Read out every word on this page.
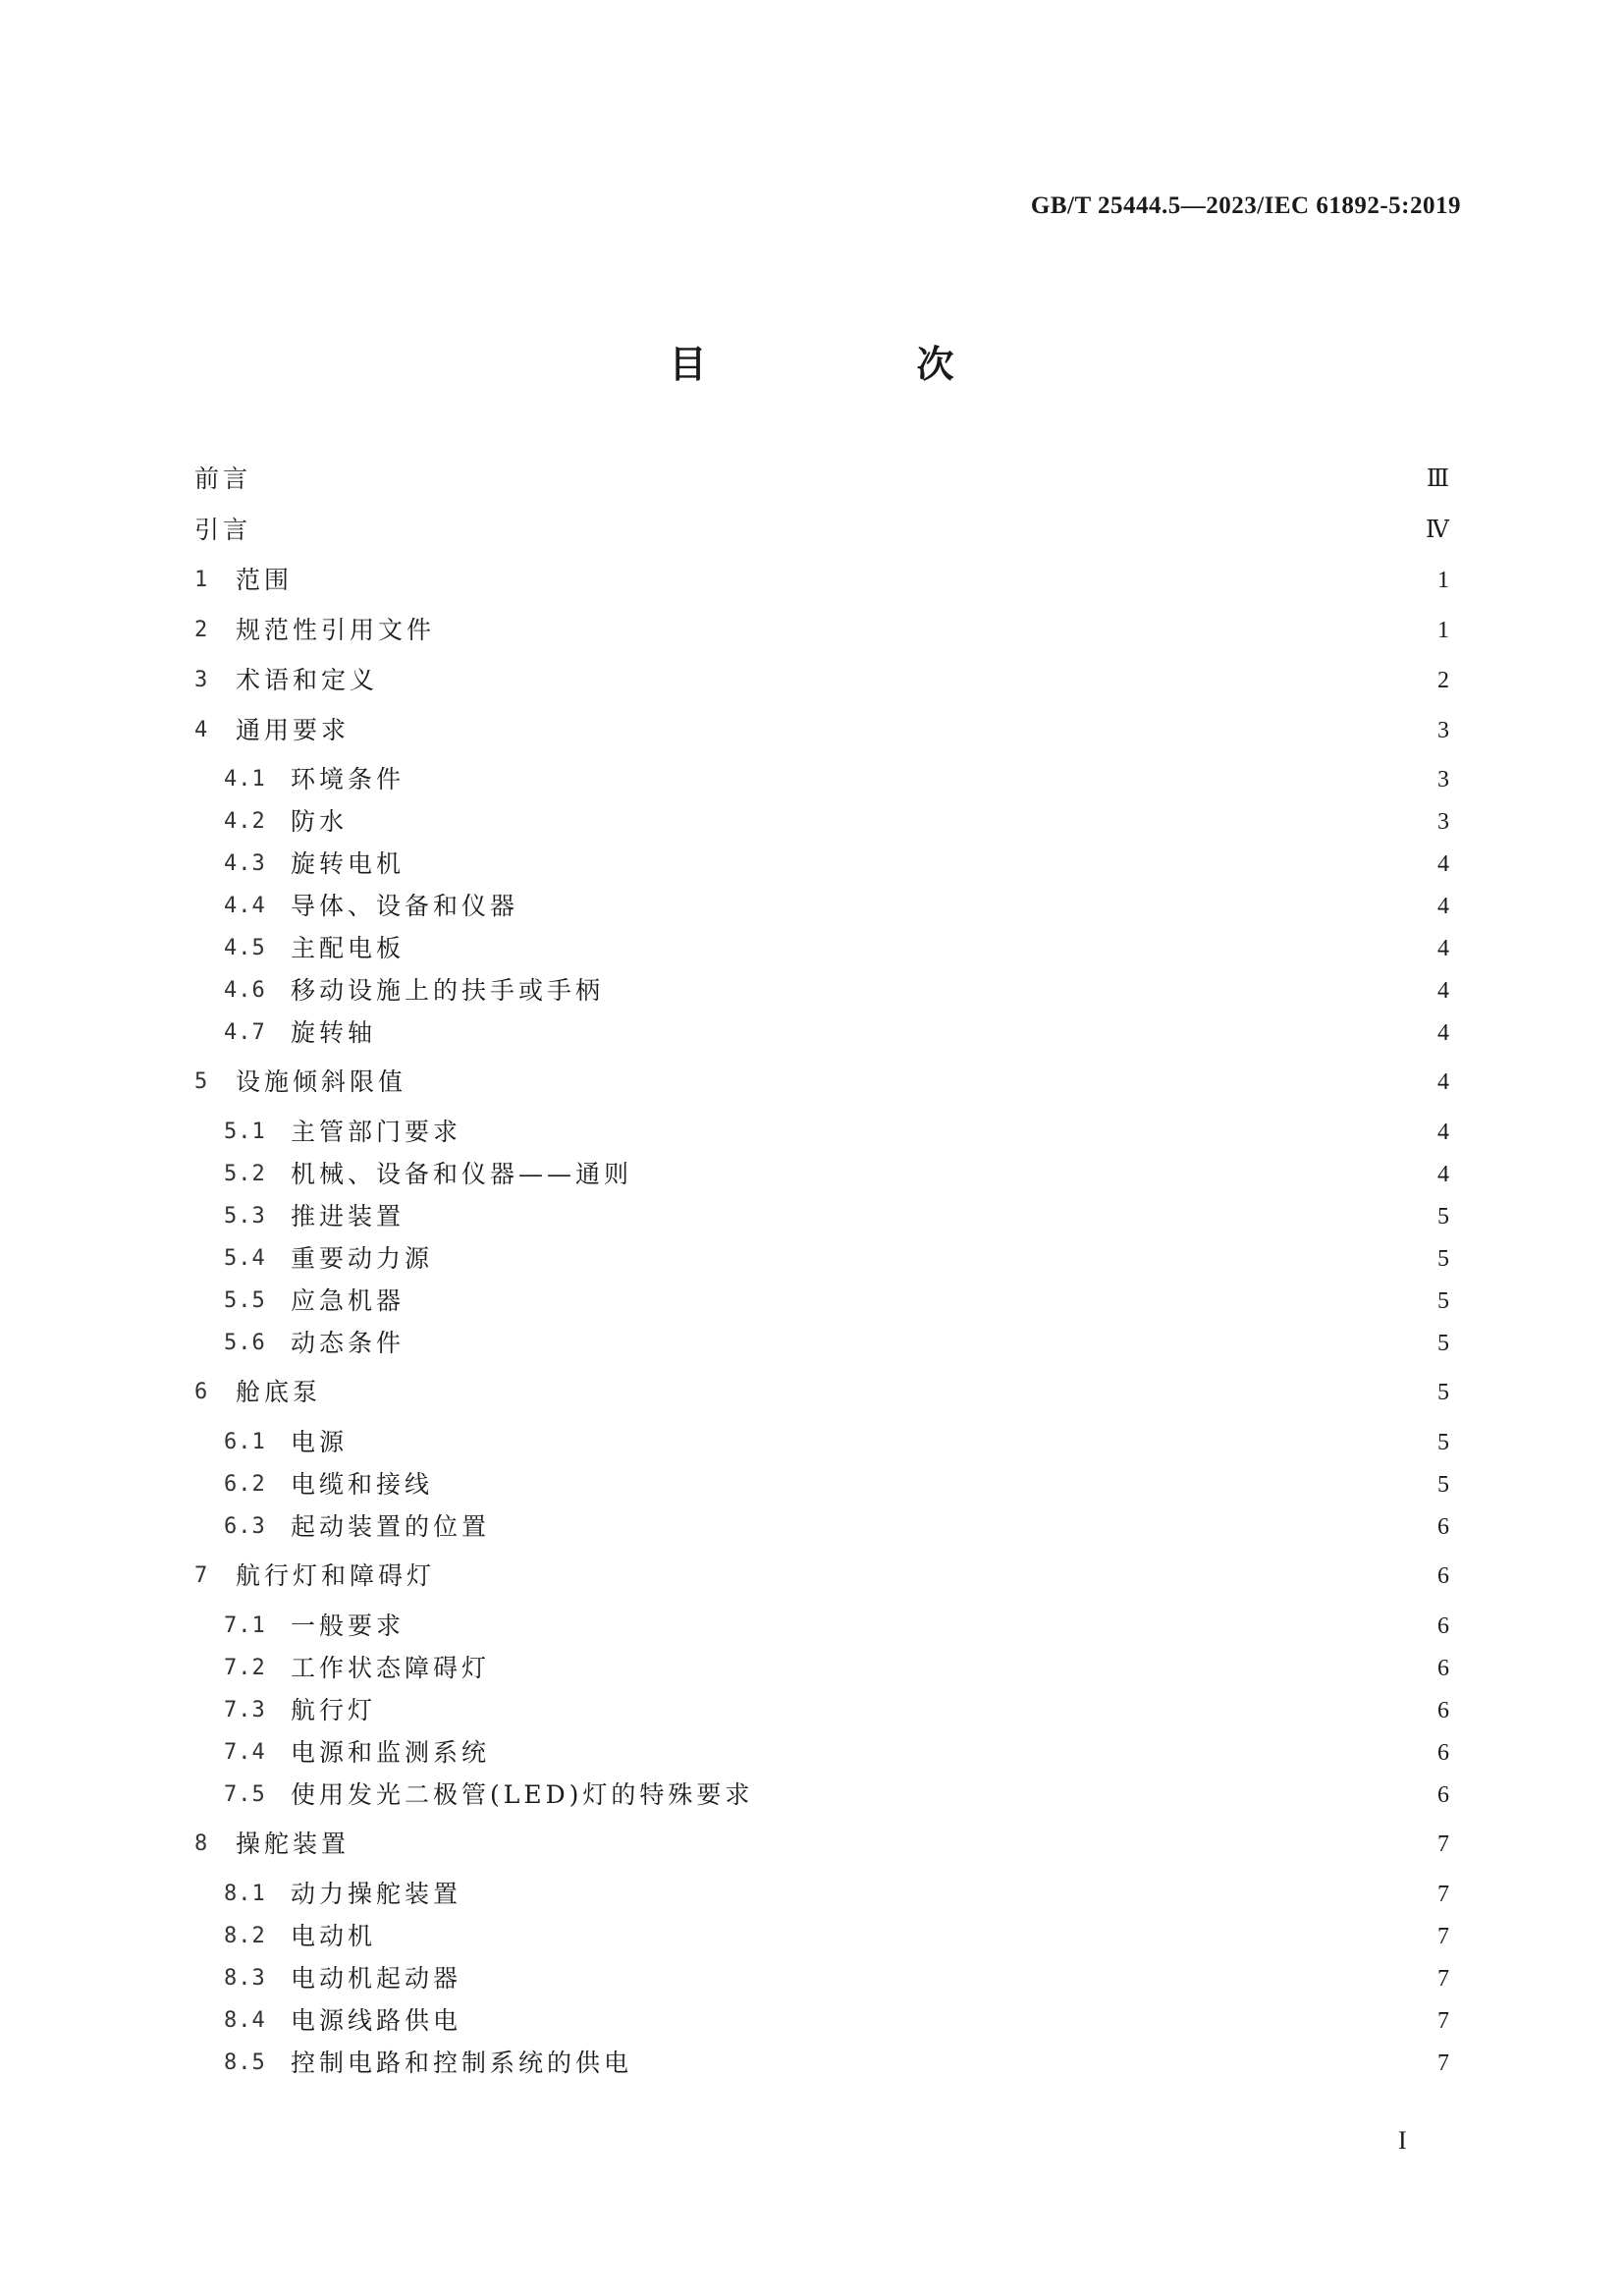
GB/T 25444.5—2023/IEC 61892-5:2019
目　次
前言	Ⅲ
引言	Ⅳ
1	范围	1
2	规范性引用文件	1
3	术语和定义	2
4	通用要求	3
4.1	环境条件	3
4.2	防水	3
4.3	旋转电机	4
4.4	导体、设备和仪器	4
4.5	主配电板	4
4.6	移动设施上的扶手或手柄	4
4.7	旋转轴	4
5	设施倾斜限值	4
5.1	主管部门要求	4
5.2	机械、设备和仪器——通则	4
5.3	推进装置	5
5.4	重要动力源	5
5.5	应急机器	5
5.6	动态条件	5
6	舱底泵	5
6.1	电源	5
6.2	电缆和接线	5
6.3	起动装置的位置	6
7	航行灯和障碍灯	6
7.1	一般要求	6
7.2	工作状态障碍灯	6
7.3	航行灯	6
7.4	电源和监测系统	6
7.5	使用发光二极管(LED)灯的特殊要求	6
8	操舵装置	7
8.1	动力操舵装置	7
8.2	电动机	7
8.3	电动机起动器	7
8.4	电源线路供电	7
8.5	控制电路和控制系统的供电	7
I
